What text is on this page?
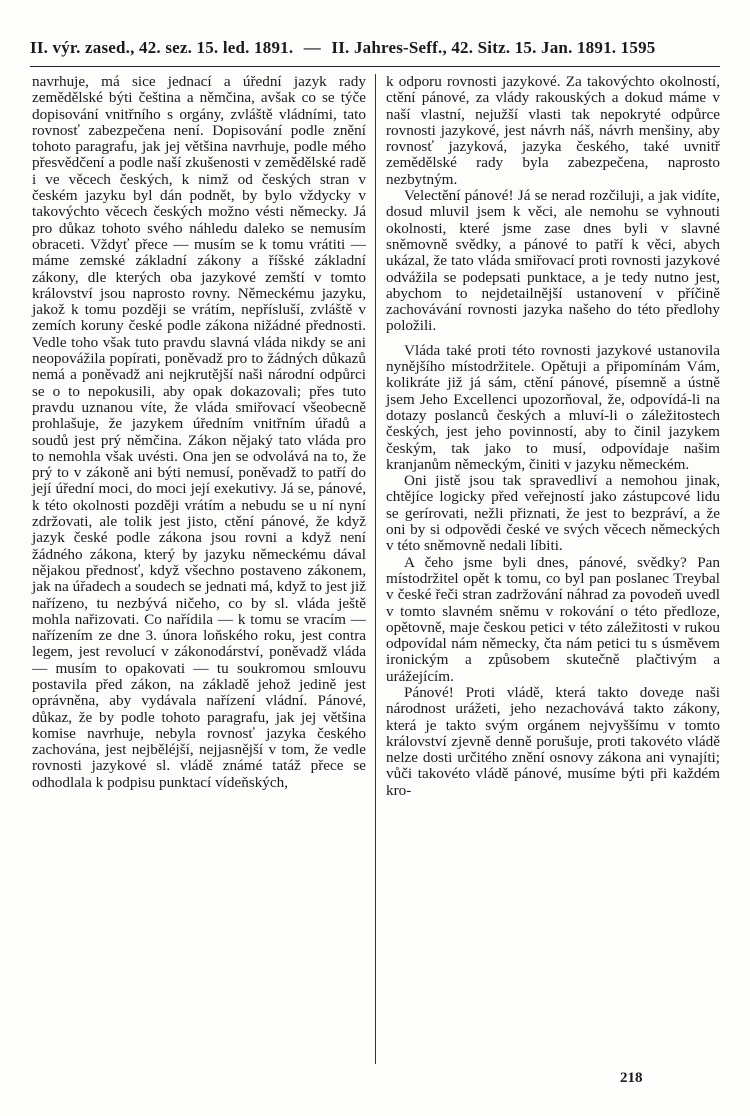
II. výr. zased., 42. sez. 15. led. 1891. — II. Jahres-Seff., 42. Sitz. 15. Jan. 1891. 1595

navrhuje, má sice jednací a úřední jazyk rady zemědělské býti čeština a němčina, avšak co se týče dopisování vnitřního s orgány, zvláště vládními, tato rovnosť zabezpečena není. Dopisování podle znění tohoto paragrafu, jak jej většina navrhuje, podle mého přesvědčení a podle naší zkušenosti v zemědělské radě i ve věcech českých, k nimž od českých stran v českém jazyku byl dán podnět, by bylo vždycky v takovýchto věcech českých možno vésti německy. Já pro důkaz tohoto svého náhledu daleko se nemusím obraceti. Vždyť přece — musím se k tomu vrátiti — máme zemské základní zákony a říšské základní zákony, dle kterých oba jazykové zemští v tomto království jsou naprosto rovny. Německému jazyku, jakož k tomu později se vrátím, nepřísluší, zvláště v zemích koruny české podle zákona nižádné přednosti. Vedle toho však tuto pravdu slavná vláda nikdy se ani neopovážila popírati, poněvadž pro to žádných důkazů nemá a poněvadž ani nejkrutější naši národní odpůrci se o to nepokusili, aby opak dokazovali; přes tuto pravdu uznanou víte, že vláda smiřovací všeobecně prohlašuje, že jazykem úředním vnitřním úřadů a soudů jest prý němčina. Zákon nějaký tato vláda pro to nemohla však uvésti. Ona jen se odvolává na to, že prý to v zákoně ani býti nemusí, poněvadž to patří do její úřední moci, do moci její exekutivy. Já se, pánové, k této okolnosti později vrátím a nebudu se u ní nyní zdržovati, ale tolik jest jisto, ctění pánové, že když jazyk české podle zákona jsou rovni a když není žádného zákona, který by jazyku německému dával nějakou přednosť, když všechno postaveno zákonem, jak na úřadech a soudech se jednati má, když to jest již nařízeno, tu nezbývá ničeho, co by sl. vláda ještě mohla nařizovati. Co nařídila — k tomu se vracím — nařízením ze dne 3. února loňského roku, jest contra legem, jest revolucí v zákonodárství, poněvadž vláda — musím to opakovati — tu soukromou smlouvu postavila před zákon, na základě jehož jedině jest oprávněna, aby vydávala nařízení vládní. Pánové, důkaz, že by podle tohoto paragrafu, jak jej většina komise navrhuje, nebyla rovnosť jazyka českého zachována, jest nejběléjší, nejjasnější v tom, že vedle rovnosti jazykové sl. vládě známé tatáž přece se odhodlala k podpisu punktací vídeňských,

k odporu rovnosti jazykové. Za takovýchto okolností, ctění pánové, za vlády rakouských a dokud máme v naší vlastní, nejužší vlasti tak nepokryté odpůrce rovnosti jazykové, jest návrh náš, návrh menšiny, aby rovnosť jazyková, jazyka českého, také uvnitř zemědělské rady byla zabezpečena, naprosto nezbytným.

Velectění pánové! Já se nerad rozčiluji, a jak vidíte, dosud mluvil jsem k věci, ale nemohu se vyhnouti okolnosti, které jsme zase dnes byli v slavné sněmovně svědky, a pánové to patří k věci, abych ukázal, že tato vláda smiřovací proti rovnosti jazykové odvážila se podepsati punktace, a je tedy nutno jest, abychom to nejdetailnější ustanovení v příčině zachovávání rovnosti jazyka našeho do této předlohy položili.

Vláda také proti této rovnosti jazykové ustanovila nynějšího místodržitele. Opětuji a připomínám Vám, kolikráte již já sám, ctění pánové, písemně a ústně jsem Jeho Excellenci upozorňoval, že, odpovídá-li na dotazy poslanců českých a mluví-li o záležitostech českých, jest jeho povinností, aby to činil jazykem českým, tak jako to musí, odpovídaje našim kranjanům německým, činiti v jazyku německém.

Oni jistě jsou tak spravedliví a nemohou jinak, chtějíce logicky před veřejností jako zástupcové lidu se gerírovati, nežli přiznati, že jest to bezpráví, a že oni by si odpovědi české ve svých věcech německých v této sněmovně nedali líbiti.

A čeho jsme byli dnes, pánové, svědky? Pan místodržitel opět k tomu, co byl pan poslanec Treybal v české řeči stran zadržování náhrad za povodeň uvedl v tomto slavném sněmu v rokování o této předloze, opětovně, maje českou petici v této záležitosti v rukou odpovídal nám německy, čta nám petici tu s úsměvem ironickým a způsobem skutečně plačtivým a urážejícím.

Pánové! Proti vládě, která takto doveде naši národnost urážeti, jeho nezachovává takto zákony, která je takto svým orgánem nejvyššímu v tomto království zjevně denně porušuje, proti takovéto vládě nelze dosti určitého znění osnovy zákona ani vynajíti; vůči takovéto vládě pánové, musíme býti při každém kro-

218
